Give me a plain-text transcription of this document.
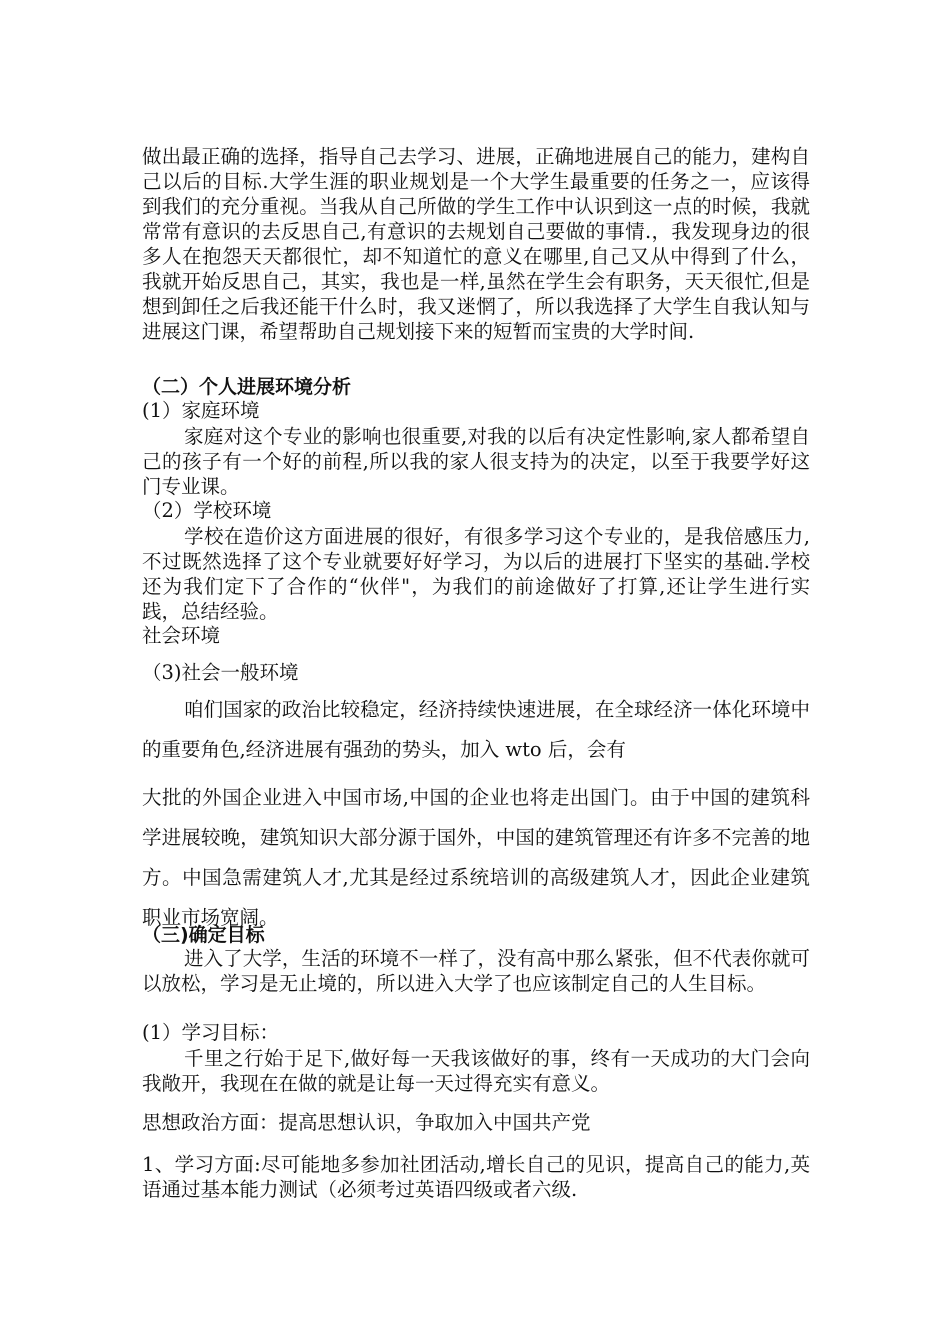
做出最正确的选择，指导自己去学习、进展，正确地进展自己的能力，建构自己以后的目标.大学生涯的职业规划是一个大学生最重要的任务之一，应该得到我们的充分重视。当我从自己所做的学生工作中认识到这一点的时候，我就常常有意识的去反思自己,有意识的去规划自己要做的事情.，我发现身边的很多人在抱怨天天都很忙，却不知道忙的意义在哪里,自己又从中得到了什么，我就开始反思自己，其实，我也是一样,虽然在学生会有职务，天天很忙,但是想到卸任之后我还能干什么时，我又迷惘了，所以我选择了大学生自我认知与进展这门课，希望帮助自己规划接下来的短暂而宝贵的大学时间.

（二）个人进展环境分析

(1）家庭环境

家庭对这个专业的影响也很重要,对我的以后有决定性影响,家人都希望自己的孩子有一个好的前程,所以我的家人很支持为的决定，以至于我要学好这门专业课。

（2）学校环境

学校在造价这方面进展的很好，有很多学习这个专业的，是我倍感压力,不过既然选择了这个专业就要好好学习，为以后的进展打下坚实的基础.学校还为我们定下了合作的“伙伴"，为我们的前途做好了打算,还让学生进行实践，总结经验。

社会环境

（3)社会一般环境

咱们国家的政治比较稳定，经济持续快速进展，在全球经济一体化环境中的重要角色,经济进展有强劲的势头，加入 wto 后，会有

大批的外国企业进入中国市场,中国的企业也将走出国门。由于中国的建筑科学进展较晚，建筑知识大部分源于国外，中国的建筑管理还有许多不完善的地方。中国急需建筑人才,尤其是经过系统培训的高级建筑人才，因此企业建筑职业市场宽阔。

（三)确定目标

进入了大学，生活的环境不一样了，没有高中那么紧张，但不代表你就可以放松，学习是无止境的，所以进入大学了也应该制定自己的人生目标。

(1）学习目标：

千里之行始于足下,做好每一天我该做好的事，终有一天成功的大门会向我敞开，我现在在做的就是让每一天过得充实有意义。

思想政治方面：提高思想认识，争取加入中国共产党

1、学习方面:尽可能地多参加社团活动,增长自己的见识，提高自己的能力,英语通过基本能力测试（必须考过英语四级或者六级.
